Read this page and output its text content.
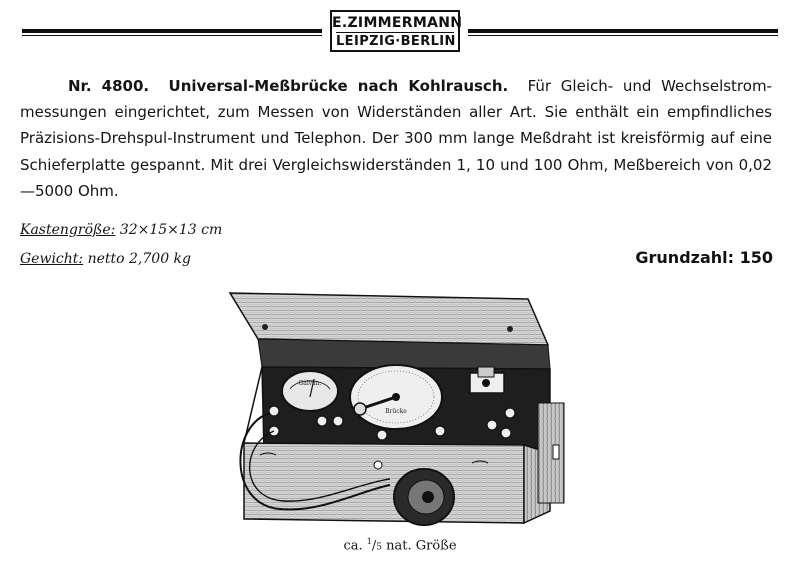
E.ZIMMERMANN
LEIPZIG·BERLIN
Nr. 4800. Universal-Meßbrücke nach Kohlrausch. Für Gleich- und Wechselstrom-messungen eingerichtet, zum Messen von Widerständen aller Art. Sie enthält ein empfindliches Präzisions-Drehspul-Instrument und Telephon. Der 300 mm lange Meßdraht ist kreisförmig auf eine Schieferplatte gespannt. Mit drei Vergleichswiderständen 1, 10 und 100 Ohm, Meßbereich von 0,02—5000 Ohm.
Kastengröße: 32×15×13 cm
Gewicht: netto 2,700 kg	Grundzahl: 150
Galvan.
Brücke
ca. $^1$/5 nat. Größe
